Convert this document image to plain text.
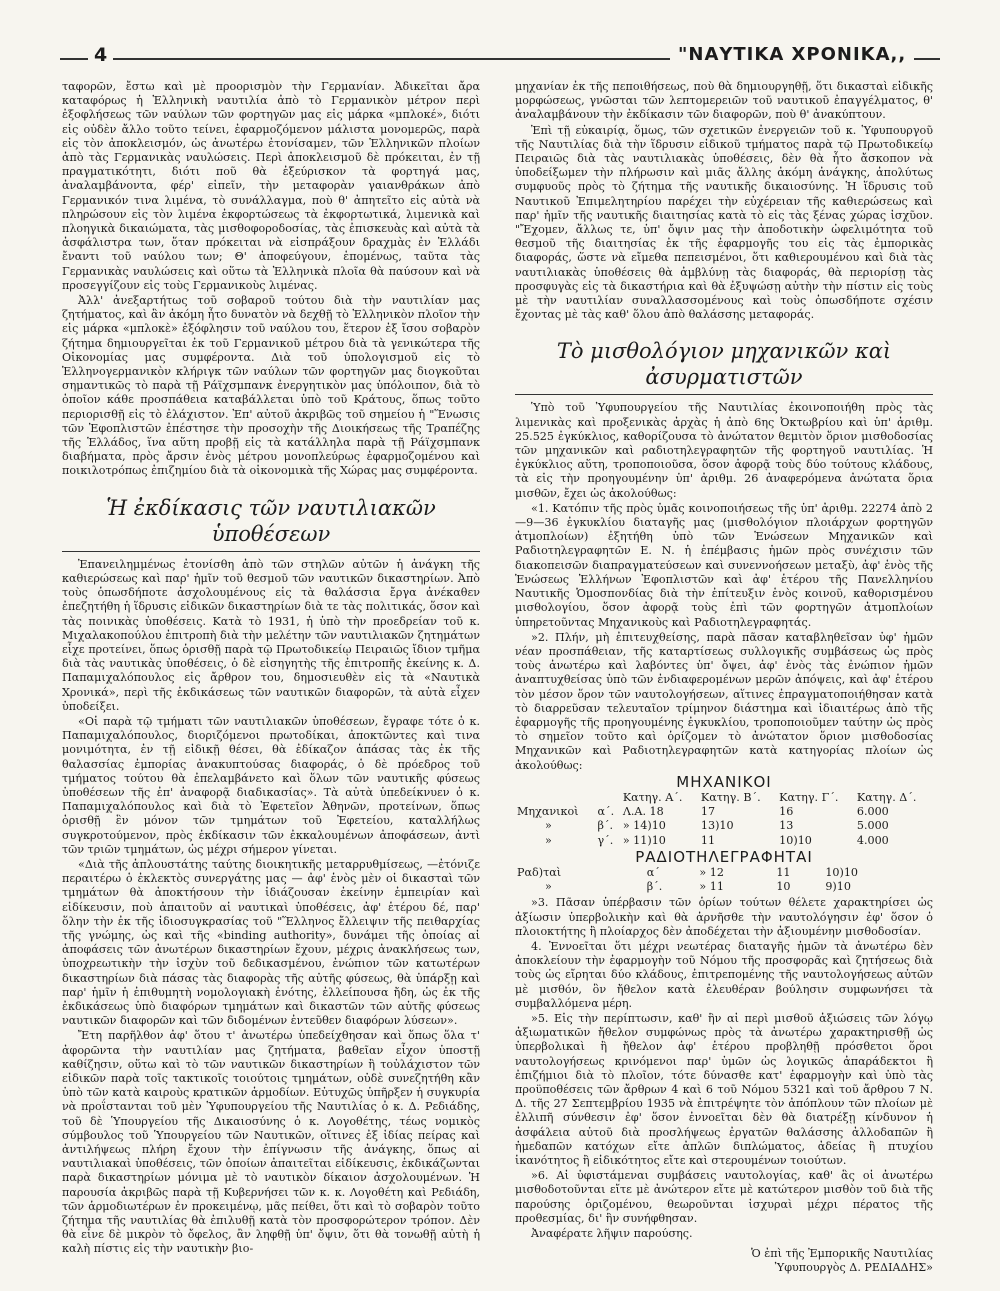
4	"ΝΑΥΤΙΚΑ ΧΡΟΝΙΚΑ,,

ταφορῶν, ἔστω καὶ μὲ προορισμὸν τὴν Γερμανίαν. Ἀδικεῖται ἄρα καταφόρως ἡ Ἑλληνικὴ ναυτιλία ἀπὸ τὸ Γερμανικὸν μέτρον περὶ ἐξοφλήσεως τῶν ναύλων τῶν φορτηγῶν μας εἰς μάρκα «μπλοκέ», διότι εἰς οὐδὲν ἄλλο τοῦτο τείνει, ἐφαρμοζόμενον μάλιστα μονομερῶς, παρὰ εἰς τὸν ἀποκλεισμόν, ὡς ἀνωτέρω ἐτονίσαμεν, τῶν Ἑλληνικῶν πλοίων ἀπὸ τὰς Γερμανικὰς ναυλώσεις. Περὶ ἀποκλεισμοῦ δὲ πρόκειται, ἐν τῇ πραγματικότητι, διότι ποῦ θὰ ἐξεύρισκον τὰ φορτηγά μας, ἀναλαμβάνοντα, φέρ' εἰπεῖν, τὴν μεταφορὰν γαιανθράκων ἀπὸ Γερμανικόν τινα λιμένα, τὸ συνάλλαγμα, ποὺ θ' ἀπητεῖτο εἰς αὐτὰ νὰ πληρώσουν εἰς τὸν λιμένα ἐκφορτώσεως τὰ ἐκφορτωτικά, λιμενικὰ καὶ πλοηγικὰ δικαιώματα, τὰς μισθοφοροδοσίας, τὰς ἐπισκευὰς καὶ αὐτὰ τὰ ἀσφάλιστρα των, ὅταν πρόκειται νὰ εἰσπράξουν δραχμὰς ἐν Ἑλλάδι ἔναντι τοῦ ναύλου των; Θ' ἀποφεύγουν, ἑπομένως, ταῦτα τὰς Γερμανικὰς ναυλώσεις καὶ οὕτω τὰ Ἑλληνικὰ πλοῖα θὰ παύσουν καὶ νὰ προσεγγίζουν εἰς τοὺς Γερμανικοὺς λιμένας.

Ἀλλ' ἀνεξαρτήτως τοῦ σοβαροῦ τούτου διὰ τὴν ναυτιλίαν μας ζητήματος, καὶ ἂν ἀκόμη ἦτο δυνατὸν νὰ δεχθῇ τὸ Ἑλληνικὸν πλοῖον τὴν εἰς μάρκα «μπλοκὲ» ἐξόφλησιν τοῦ ναύλου του, ἕτερον ἐξ ἴσου σοβαρὸν ζήτημα δημιουργεῖται ἐκ τοῦ Γερμανικοῦ μέτρου διὰ τὰ γενικώτερα τῆς Οἰκονομίας μας συμφέροντα. Διὰ τοῦ ὑπολογισμοῦ εἰς τὸ Ἑλληνογερμανικὸν κλήριγκ τῶν ναύλων τῶν φορτηγῶν μας διογκοῦται σημαντικῶς τὸ παρὰ τῇ Ράϊχσμπανκ ἐνεργητικὸν μας ὑπόλοιπον, διὰ τὸ ὁποῖον κάθε προσπάθεια καταβάλλεται ὑπὸ τοῦ Κράτους, ὅπως τοῦτο περιορισθῇ εἰς τὸ ἐλάχιστον. Ἐπ' αὐτοῦ ἀκριβῶς τοῦ σημείου ἡ "Ἕνωσις τῶν Ἐφοπλιστῶν ἐπέστησε τὴν προσοχὴν τῆς Διοικήσεως τῆς Τραπέζης τῆς Ἑλλάδος, ἵνα αὕτη προβῇ εἰς τὰ κατάλληλα παρὰ τῇ Ράϊχσμπανκ διαβήματα, πρὸς ἄρσιν ἑνὸς μέτρου μονοπλεύρως ἐφαρμοζομένου καὶ ποικιλοτρόπως ἐπιζημίου διὰ τὰ οἰκονομικὰ τῆς Χώρας μας συμφέροντα.

Ἡ ἐκδίκασις τῶν ναυτιλιακῶν ὑποθέσεων

Ἐπανειλημμένως ἐτονίσθη ἀπὸ τῶν στηλῶν αὐτῶν ἡ ἀνάγκη τῆς καθιερώσεως καὶ παρ' ἡμῖν τοῦ θεσμοῦ τῶν ναυτικῶν δικαστηρίων. Ἀπὸ τοὺς ὁπωσδήποτε ἀσχολουμένους εἰς τὰ θαλάσσια ἔργα ἀνέκαθεν ἐπεζητήθη ἡ ἵδρυσις εἰδικῶν δικαστηρίων διὰ τε τὰς πολιτικάς, ὅσον καὶ τὰς ποινικὰς ὑποθέσεις. Κατὰ τὸ 1931, ἡ ὑπὸ τὴν προεδρείαν τοῦ κ. Μιχαλακοπούλου ἐπιτροπὴ διὰ τὴν μελέτην τῶν ναυτιλιακῶν ζητημάτων εἶχε προτείνει, ὅπως ὁρισθῇ παρὰ τῷ Πρωτοδικείῳ Πειραιῶς ἴδιον τμῆμα διὰ τὰς ναυτικὰς ὑποθέσεις, ὁ δὲ εἰσηγητὴς τῆς ἐπιτροπῆς ἐκείνης κ. Δ. Παπαμιχαλόπουλος εἰς ἄρθρον του, δημοσιευθὲν εἰς τὰ «Ναυτικὰ Χρονικά», περὶ τῆς ἐκδικάσεως τῶν ναυτικῶν διαφορῶν, τὰ αὐτὰ εἶχεν ὑποδείξει.

«Οἱ παρὰ τῷ τμήματι τῶν ναυτιλιακῶν ὑποθέσεων, ἔγραφε τότε ὁ κ. Παπαμιχαλόπουλος, διοριζόμενοι πρωτοδίκαι, ἀποκτῶντες καὶ τινα μονιμότητα, ἐν τῇ εἰδικῇ θέσει, θὰ ἐδίκαζον ἁπάσας τὰς ἐκ τῆς θαλασσίας ἐμπορίας ἀνακυπτούσας διαφοράς, ὁ δὲ πρόεδρος τοῦ τμήματος τούτου θὰ ἐπελαμβάνετο καὶ ὅλων τῶν ναυτικῆς φύσεως ὑποθέσεων τῆς ἐπ' ἀναφορᾷ διαδικασίας». Τὰ αὐτὰ ὑπεδείκνυεν ὁ κ. Παπαμιχαλόπουλος καὶ διὰ τὸ Ἐφετεῖον Ἀθηνῶν, προτείνων, ὅπως ὁρισθῇ ἓν μόνον τῶν τμημάτων τοῦ Ἐφετείου, καταλλήλως συγκροτούμενον, πρὸς ἐκδίκασιν τῶν ἐκκαλουμένων ἀποφάσεων, ἀντὶ τῶν τριῶν τμημάτων, ὡς μέχρι σήμερον γίνεται.

«Διὰ τῆς ἁπλουστάτης ταύτης διοικητικῆς μεταρρυθμίσεως, —ἐτόνιζε περαιτέρω ὁ ἐκλεκτὸς συνεργάτης μας — ἀφ' ἑνὸς μὲν οἱ δικασταὶ τῶν τμημάτων θὰ ἀποκτήσουν τὴν ἰδιάζουσαν ἐκείνην ἐμπειρίαν καὶ εἰδίκευσιν, ποὺ ἀπαιτοῦν αἱ ναυτικαὶ ὑποθέσεις, ἀφ' ἑτέρου δέ, παρ' ὅλην τὴν ἐκ τῆς ἰδιοσυγκρασίας τοῦ "Ἕλληνος ἔλλειψιν τῆς πειθαρχίας τῆς γνώμης, ὡς καὶ τῆς «binding authority», δυνάμει τῆς ὁποίας αἱ ἀποφάσεις τῶν ἀνωτέρων δικαστηρίων ἔχουν, μέχρις ἀνακλήσεως των, ὑποχρεωτικὴν τὴν ἰσχὺν τοῦ δεδικασμένου, ἐνώπιον τῶν κατωτέρων δικαστηρίων διὰ πάσας τὰς διαφορὰς τῆς αὐτῆς φύσεως, θὰ ὑπάρξῃ καὶ παρ' ἡμῖν ἡ ἐπιθυμητὴ νομολογιακὴ ἑνότης, ἐλλείπουσα ἤδη, ὡς ἐκ τῆς ἐκδικάσεως ὑπὸ διαφόρων τμημάτων καὶ δικαστῶν τῶν αὐτῆς φύσεως ναυτικῶν διαφορῶν καὶ τῶν διδομένων ἐντεῦθεν διαφόρων λύσεων».

Ἔτη παρῆλθον ἀφ' ὅτου τ' ἀνωτέρω ὑπεδείχθησαν καὶ ὅπως ὅλα τ' ἀφορῶντα τὴν ναυτιλίαν μας ζητήματα, βαθεῖαν εἶχον ὑποστῇ καθίζησιν, οὕτω καὶ τὸ τῶν ναυτικῶν δικαστηρίων ἢ τοὐλάχιστον τῶν εἰδικῶν παρὰ τοῖς τακτικοῖς τοιούτοις τμημάτων, οὐδὲ συνεζητήθη κἂν ὑπὸ τῶν κατὰ καιροὺς κρατικῶν ἁρμοδίων. Εὐτυχῶς ὑπῆρξεν ἡ συγκυρία νὰ προΐστανται τοῦ μὲν Ὑφυπουργείου τῆς Ναυτιλίας ὁ κ. Δ. Ρεδιάδης, τοῦ δὲ Ὑπουργείου τῆς Δικαιοσύνης ὁ κ. Λογοθέτης, τέως νομικὸς σύμβουλος τοῦ Ὑπουργείου τῶν Ναυτικῶν, οἵτινες ἐξ ἰδίας πείρας καὶ ἀντιλήψεως πλήρη ἔχουν τὴν ἐπίγνωσιν τῆς ἀνάγκης, ὅπως αἱ ναυτιλιακαὶ ὑποθέσεις, τῶν ὁποίων ἀπαιτεῖται εἰδίκευσις, ἐκδικάζωνται παρὰ δικαστηρίων μόνιμα μὲ τὸ ναυτικὸν δίκαιον ἀσχολουμένων. Ἡ παρουσία ἀκριβῶς παρὰ τῇ Κυβερνήσει τῶν κ. κ. Λογοθέτη καὶ Ρεδιάδη, τῶν ἁρμοδιωτέρων ἐν προκειμένῳ, μᾶς πείθει, ὅτι καὶ τὸ σοβαρὸν τοῦτο ζήτημα τῆς ναυτιλίας θὰ ἐπιλυθῇ κατὰ τὸν προσφορώτερον τρόπον. Δὲν θὰ εἶνε δὲ μικρὸν τὸ ὄφελος, ἂν ληφθῇ ὑπ' ὄψιν, ὅτι θὰ τονωθῇ αὐτὴ ἡ καλὴ πίστις εἰς τὴν ναυτικὴν βιο-

μηχανίαν ἐκ τῆς πεποιθήσεως, ποὺ θὰ δημιουργηθῇ, ὅτι δικασταὶ εἰδικῆς μορφώσεως, γνῶσται τῶν λεπτομερειῶν τοῦ ναυτικοῦ ἐπαγγέλματος, θ' ἀναλαμβάνουν τὴν ἐκδίκασιν τῶν διαφορῶν, ποὺ θ' ἀνακύπτουν.

Ἐπὶ τῇ εὐκαιρίᾳ, ὅμως, τῶν σχετικῶν ἐνεργειῶν τοῦ κ. Ὑφυπουργοῦ τῆς Ναυτιλίας διὰ τὴν ἵδρυσιν εἰδικοῦ τμήματος παρὰ τῷ Πρωτοδικείῳ Πειραιῶς διὰ τὰς ναυτιλιακὰς ὑποθέσεις, δὲν θὰ ἦτο ἄσκοπον νὰ ὑποδείξωμεν τὴν πλήρωσιν καὶ μιᾶς ἄλλης ἀκόμη ἀνάγκης, ἀπολύτως συμφυοῦς πρὸς τὸ ζήτημα τῆς ναυτικῆς δικαιοσύνης. Ἡ ἵδρυσις τοῦ Ναυτικοῦ Ἐπιμελητηρίου παρέχει τὴν εὐχέρειαν τῆς καθιερώσεως καὶ παρ' ἡμῖν τῆς ναυτικῆς διαιτησίας κατὰ τὸ εἰς τὰς ξένας χώρας ἰσχῦον. "Ἔχομεν, ἄλλως τε, ὑπ' ὄψιν μας τὴν ἀποδοτικὴν ὠφελιμότητα τοῦ θεσμοῦ τῆς διαιτησίας ἐκ τῆς ἐφαρμογῆς του εἰς τὰς ἐμπορικὰς διαφοράς, ὥστε νὰ εἴμεθα πεπεισμένοι, ὅτι καθιερουμένου καὶ διὰ τὰς ναυτιλιακὰς ὑποθέσεις θὰ ἀμβλύνῃ τὰς διαφοράς, θὰ περιορίσῃ τὰς προσφυγὰς εἰς τὰ δικαστήρια καὶ θὰ ἐξυψώσῃ αὐτὴν τὴν πίστιν εἰς τοὺς μὲ τὴν ναυτιλίαν συναλλασσομένους καὶ τοὺς ὁπωσδήποτε σχέσιν ἔχοντας μὲ τὰς καθ' ὅλου ἀπὸ θαλάσσης μεταφοράς.

Τὸ μισθολόγιον μηχανικῶν καὶ ἀσυρματιστῶν

Ὑπὸ τοῦ Ὑφυπουργείου τῆς Ναυτιλίας ἐκοινοποιήθη πρὸς τὰς λιμενικὰς καὶ προξενικὰς ἀρχὰς ἡ ἀπὸ 6ης Ὀκτωβρίου καὶ ὑπ' ἀριθμ. 25.525 ἐγκύκλιος, καθορίζουσα τὸ ἀνώτατον θεμιτὸν ὅριον μισθοδοσίας τῶν μηχανικῶν καὶ ραδιοτηλεγραφητῶν τῆς φορτηγοῦ ναυτιλίας. Ἡ ἐγκύκλιος αὕτη, τροποποιοῦσα, ὅσον ἀφορᾷ τοὺς δύο τούτους κλάδους, τὰ εἰς τὴν προηγουμένην ὑπ' ἀριθμ. 26 ἀναφερόμενα ἀνώτατα ὅρια μισθῶν, ἔχει ὡς ἀκολούθως:

«1. Κατόπιν τῆς πρὸς ὑμᾶς κοινοποιήσεως τῆς ὑπ' ἀριθμ. 22274 ἀπὸ 2—9—36 ἐγκυκλίου διαταγῆς μας (μισθολόγιον πλοιάρχων φορτηγῶν ἀτμοπλοίων) ἐξητήθη ὑπὸ τῶν Ἑνώσεων Μηχανικῶν καὶ Ραδιοτηλεγραφητῶν Ε. Ν. ἡ ἐπέμβασις ἡμῶν πρὸς συνέχισιν τῶν διακοπεισῶν διαπραγματεύσεων καὶ συνεννοήσεων μεταξὺ, ἀφ' ἑνὸς τῆς Ἑνώσεως Ἑλλήνων Ἐφοπλιστῶν καὶ ἀφ' ἑτέρου τῆς Πανελληνίου Ναυτικῆς Ὁμοσπονδίας διὰ τὴν ἐπίτευξιν ἑνὸς κοινοῦ, καθορισμένου μισθολογίου, ὅσον ἀφορᾷ τοὺς ἐπὶ τῶν φορτηγῶν ἀτμοπλοίων ὑπηρετοῦντας Μηχανικοὺς καὶ Ραδιοτηλεγραφητάς.

»2. Πλήν, μὴ ἐπιτευχθείσης, παρὰ πᾶσαν καταβληθεῖσαν ὑφ' ἡμῶν νέαν προσπάθειαν, τῆς καταρτίσεως συλλογικῆς συμβάσεως ὡς πρὸς τοὺς ἀνωτέρω καὶ λαβόντες ὑπ' ὄψει, ἀφ' ἑνὸς τὰς ἐνώπιον ἡμῶν ἀναπτυχθείσας ὑπὸ τῶν ἐνδιαφερομένων μερῶν ἀπόψεις, καὶ ἀφ' ἑτέρου τὸν μέσον ὅρον τῶν ναυτολογήσεων, αἵτινες ἐπραγματοποιήθησαν κατὰ τὸ διαρρεῦσαν τελευταῖον τρίμηνον διάστημα καὶ ἰδιαιτέρως ἀπὸ τῆς ἐφαρμογῆς τῆς προηγουμένης ἐγκυκλίου, τροποποιοῦμεν ταύτην ὡς πρὸς τὸ σημεῖον τοῦτο καὶ ὁρίζομεν τὸ ἀνώτατον ὅριον μισθοδοσίας Μηχανικῶν καὶ Ραδιοτηλεγραφητῶν κατὰ κατηγορίας πλοίων ὡς ἀκολούθως:

ΜΗΧΑΝΙΚΟΙ
		Κατηγ. Α΄.	Κατηγ. Β΄.	Κατηγ. Γ΄.	Κατηγ. Δ΄.
Μηχανικοὶ	α΄.	Λ.Α. 18	17	16	6.000
»	β΄.	» 14)10	13)10	13	5.000
»	γ΄.	» 11)10	11	10)10	4.000
ΡΑΔΙΟΤΗΛΕΓΡΑΦΗΤΑΙ
Ραδ)ταὶ	α΄	» 12	11	10)10	
»	β΄.	» 11	10	9)10	

»3. Πᾶσαν ὑπέρβασιν τῶν ὁρίων τούτων θέλετε χαρακτηρίσει ὡς ἀξίωσιν ὑπερβολικὴν καὶ θὰ ἀρνῆσθε τὴν ναυτολόγησιν ἐφ' ὅσον ὁ πλοιοκτήτης ἢ πλοίαρχος δὲν ἀποδέχεται τὴν ἀξιουμένην μισθοδοσίαν.

4. Ἐννοεῖται ὅτι μέχρι νεωτέρας διαταγῆς ἡμῶν τὰ ἀνωτέρω δὲν ἀποκλείουν τὴν ἐφαρμογὴν τοῦ Νόμου τῆς προσφορᾶς καὶ ζητήσεως διὰ τοὺς ὡς εἴρηται δύο κλάδους, ἐπιτρεπομένης τῆς ναυτολογήσεως αὐτῶν μὲ μισθόν, ὃν ἤθελον κατὰ ἐλευθέραν βούλησιν συμφωνήσει τὰ συμβαλλόμενα μέρη.

»5. Εἰς τὴν περίπτωσιν, καθ' ἣν αἱ περὶ μισθοῦ ἀξιώσεις τῶν λόγῳ ἀξιωματικῶν ἤθελον συμφώνως πρὸς τὰ ἀνωτέρω χαρακτηρισθῇ ὡς ὑπερβολικαὶ ἢ ἤθελον ἀφ' ἑτέρου προβληθῇ πρόσθετοι ὅροι ναυτολογήσεως κρινόμενοι παρ' ὑμῶν ὡς λογικῶς ἀπαράδεκτοι ἢ ἐπιζήμιοι διὰ τὸ πλοῖον, τότε δύνασθε κατ' ἐφαρμογὴν καὶ ὑπὸ τὰς προϋποθέσεις τῶν ἄρθρων 4 καὶ 6 τοῦ Νόμου 5321 καὶ τοῦ ἄρθρου 7 Ν. Δ. τῆς 27 Σεπτεμβρίου 1935 νὰ ἐπιτρέψητε τὸν ἀπόπλουν τῶν πλοίων μὲ ἐλλιπῆ σύνθεσιν ἐφ' ὅσον ἐννοεῖται δὲν θὰ διατρέξῃ κίνδυνον ἡ ἀσφάλεια αὐτοῦ διὰ προσλήψεως ἐργατῶν θαλάσσης ἀλλοδαπῶν ἢ ἡμεδαπῶν κατόχων εἴτε ἀπλῶν διπλώματος, ἀδείας ἢ πτυχίου ἱκανότητος ἢ εἰδικότητος εἴτε καὶ στερουμένων τοιούτων.

»6. Αἱ ὑφιστάμεναι συμβάσεις ναυτολογίας, καθ' ἃς οἱ ἀνωτέρω μισθοδοτοῦνται εἴτε μὲ ἀνώτερον εἴτε μὲ κατώτερον μισθὸν τοῦ διὰ τῆς παρούσης ὁριζομένου, θεωροῦνται ἰσχυραὶ μέχρι πέρατος τῆς προθεσμίας, δι' ἣν συνήφθησαν.

Ἀναφέρατε λῆψιν παρούσης.

Ὁ ἐπὶ τῆς Ἐμπορικῆς Ναυτιλίας
Ὑφυπουργὸς Δ. ΡΕΔΙΑΔΗΣ»
